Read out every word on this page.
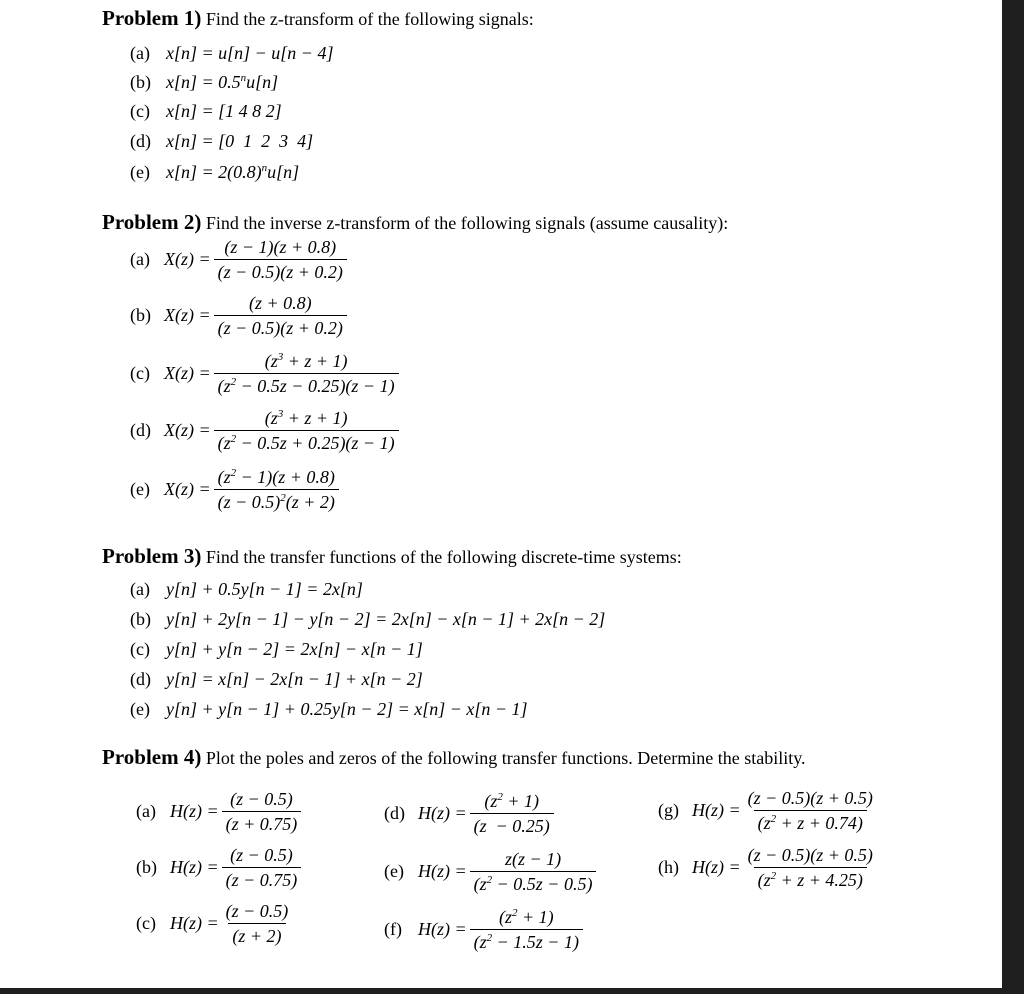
Problem 1) Find the z-transform of the following signals:
(a) x[n] = u[n] − u[n − 4]
(b) $x[n] = 0.5^nu[n]$
(c) x[n] = [1 4 8 2]
(d) x[n] = [0  1  2  3  4]
(e) $x[n] = 2(0.8)^nu[n]$
Problem 2) Find the inverse z-transform of the following signals (assume causality):
(a) $X(z) = \frac{(z - 1)(z + 0.8)}{(z - 0.5)(z + 0.2)}$
(b) $X(z) = \frac{(z + 0.8)}{(z - 0.5)(z + 0.2)}$
(c) $X(z) = \frac{(z^3 + z + 1)}{(z^2 - 0.5z - 0.25)(z - 1)}$
(d) $X(z) = \frac{(z^3 + z + 1)}{(z^2 - 0.5z + 0.25)(z - 1)}$
(e) $X(z) = \frac{(z^2 - 1)(z + 0.8)}{(z - 0.5)^2(z + 2)}$
Problem 3) Find the transfer functions of the following discrete-time systems:
(a) y[n] + 0.5y[n − 1] = 2x[n]
(b) y[n] + 2y[n − 1] − y[n − 2] = 2x[n] − x[n − 1] + 2x[n − 2]
(c) y[n] + y[n − 2] = 2x[n] − x[n − 1]
(d) y[n] = x[n] − 2x[n − 1] + x[n − 2]
(e) y[n] + y[n − 1] + 0.25y[n − 2] = x[n] − x[n − 1]
Problem 4) Plot the poles and zeros of the following transfer functions. Determine the stability.
(a) $H(z) = \frac{(z - 0.5)}{(z + 0.75)}$
(b) $H(z) = \frac{(z - 0.5)}{(z - 0.75)}$
(c) $H(z) = \frac{(z - 0.5)}{(z + 2)}$
(d) $H(z) = \frac{(z^2 + 1)}{(z - 0.25)}$
(e) $H(z) = \frac{z(z - 1)}{(z^2 - 0.5z - 0.5)}$
(f) $H(z) = \frac{(z^2 + 1)}{(z^2 - 1.5z - 1)}$
(g) $H(z) = \frac{(z - 0.5)(z + 0.5)}{(z^2 + z + 0.74)}$
(h) $H(z) = \frac{(z - 0.5)(z + 0.5)}{(z^2 + z + 4.25)}$
